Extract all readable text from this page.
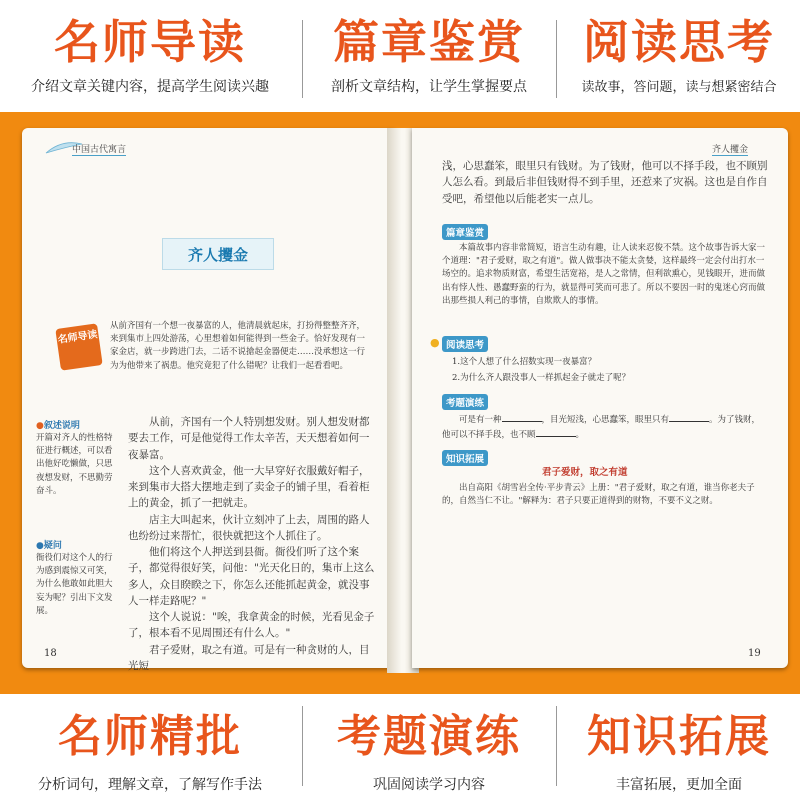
名师导读
介绍文章关键内容，提高学生阅读兴趣
篇章鉴赏
剖析文章结构，让学生掌握要点
阅读思考
读故事，答问题，读与想紧密结合
中国古代寓言
齐人攫金
名师导读
从前齐国有一个想一夜暴富的人，他清晨就起床，打扮得整整齐齐，来到集市上四处游荡，心里想着如何能得到一些金子。恰好发现有一家金店，就一步跨进门去，二话不说搶起金器便走……没承想这一行为为他带来了祸患。他究竟犯了什么错呢？让我们一起看看吧。
●叙述说明
开篇对齐人的性格特征进行概述，可以看出他好吃懒做，只思夜想发财，不思勤劳奋斗。
●疑问
衙役们对这个人的行为感到震惊又可笑，为什么他敢如此胆大妄为呢？引出下文发展。
从前，齐国有一个人特别想发财。别人想发财都要去工作，可是他觉得工作太辛苦，天天想着如何一夜暴富。
这个人喜欢黄金，他一大早穿好衣服戴好帽子，来到集市大搭大摆地走到了卖金子的铺子里，看着柜上的黄金，抓了一把就走。
店主大叫起来，伙计立刻冲了上去，周围的路人也纷纷过来帮忙，很快就把这个人抓住了。
他们将这个人押送到县衙。衙役们听了这个案子，都觉得很好笑，问他："光天化日的，集市上这么多人，众目睽睽之下，你怎么还能抓起黄金，就没事人一样走路呢？"
这个人说说："唉，我拿黄金的时候，光看见金子了，根本看不见周围还有什么人。"
君子爱财，取之有道。可是有一种贪财的人，目光短
18
齐人攫金
浅，心思蠢笨，眼里只有钱财。为了钱财，他可以不择手段，也不顾别人怎么看。到最后非但钱财得不到手里，还惹来了灾祸。这也是自作自受吧，希望他以后能老实一点儿。
篇章鉴赏
本篇故事内容非常简短，语言生动有趣，让人读来忍俊不禁。这个故事告诉大家一个道理："君子爱财，取之有道"。做人做事决不能太贪婪，这样最终一定会付出打水一场空的。追求物质财富，希望生活宽裕，是人之常情，但利欲熏心，见钱眼开，进而做出有悖人性、愚蠢野蛮的行为，就显得可笑而可悲了。所以不要因一时的鬼迷心窍而做出那些损人利己的事情，自欺欺人的事情。
● 阅读思考
1.这个人想了什么招数实现一夜暴富？
2.为什么齐人跟没事人一样抓起金子就走了呢？
考题演练
可是有一种	，目光短浅，心思蠢笨，眼里只有	。为了钱财，他可以不择手段，也不顾	。
知识拓展
君子爱财，取之有道
出自高阳《胡雪岩全传·平步青云》上册："君子爱财，取之有道，谁当你老夫子的，自然当仁不让。"解释为：君子只要正道得到的财物，不要不义之财。
19
名师精批
分析词句，理解文章，了解写作手法
考题演练
巩固阅读学习内容
知识拓展
丰富拓展，更加全面
